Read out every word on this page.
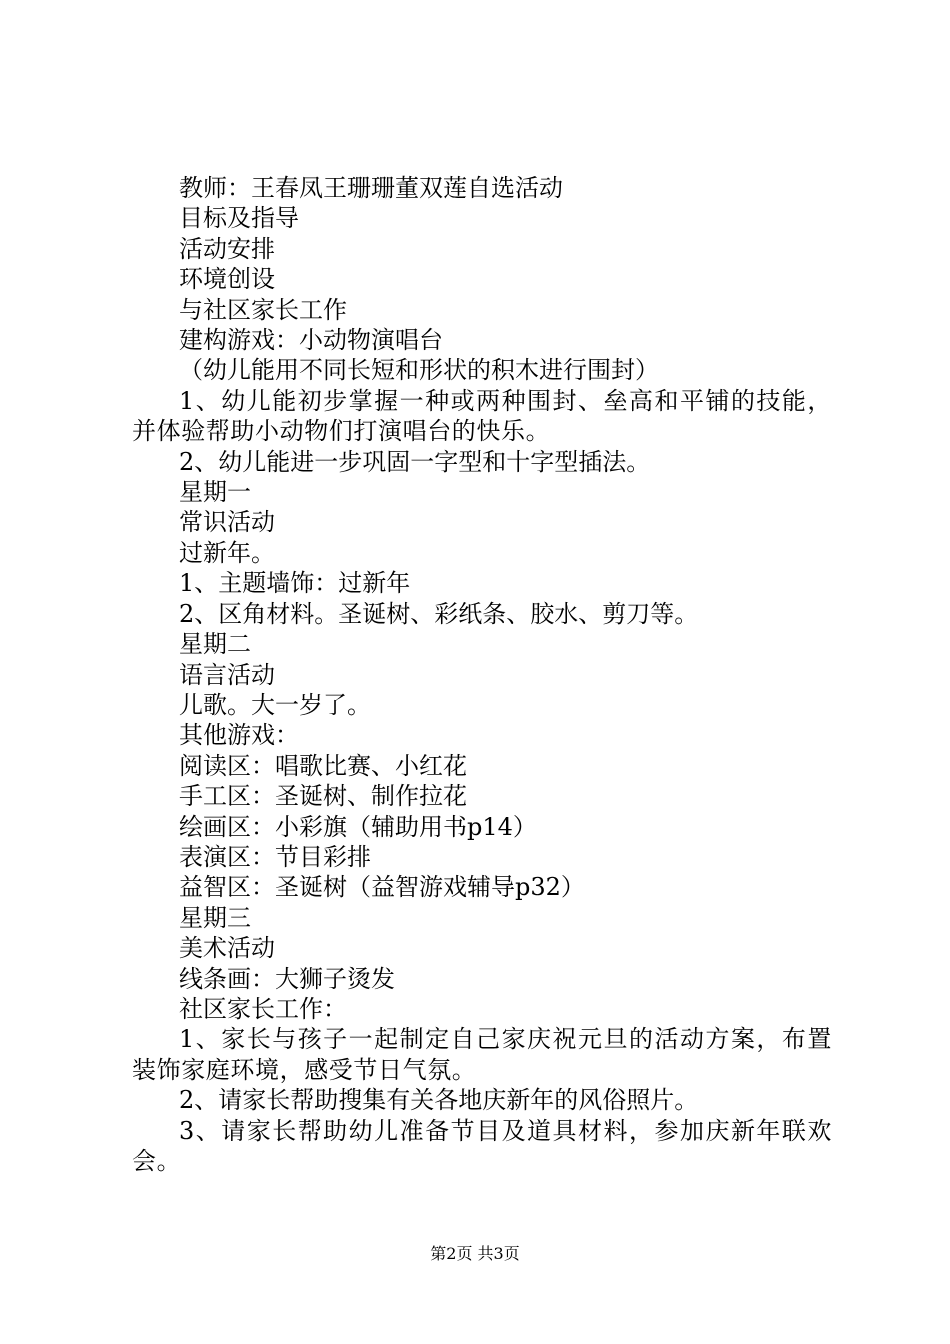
教师：王春凤王珊珊董双莲自选活动

目标及指导

活动安排

环境创设

与社区家长工作

建构游戏：小动物演唱台

（幼儿能用不同长短和形状的积木进行围封）

1、幼儿能初步掌握一种或两种围封、垒高和平铺的技能，并体验帮助小动物们打演唱台的快乐。

2、幼儿能进一步巩固一字型和十字型插法。

星期一

常识活动

过新年。

1、主题墙饰：过新年

2、区角材料。圣诞树、彩纸条、胶水、剪刀等。

星期二

语言活动

儿歌。大一岁了。

其他游戏：

阅读区：唱歌比赛、小红花

手工区：圣诞树、制作拉花

绘画区：小彩旗（辅助用书p14）

表演区：节目彩排

益智区：圣诞树（益智游戏辅导p32）

星期三

美术活动

线条画：大狮子烫发

社区家长工作：

1、家长与孩子一起制定自己家庆祝元旦的活动方案，布置装饰家庭环境，感受节日气氛。

2、请家长帮助搜集有关各地庆新年的风俗照片。

3、请家长帮助幼儿准备节目及道具材料，参加庆新年联欢会。

第2页 共3页
